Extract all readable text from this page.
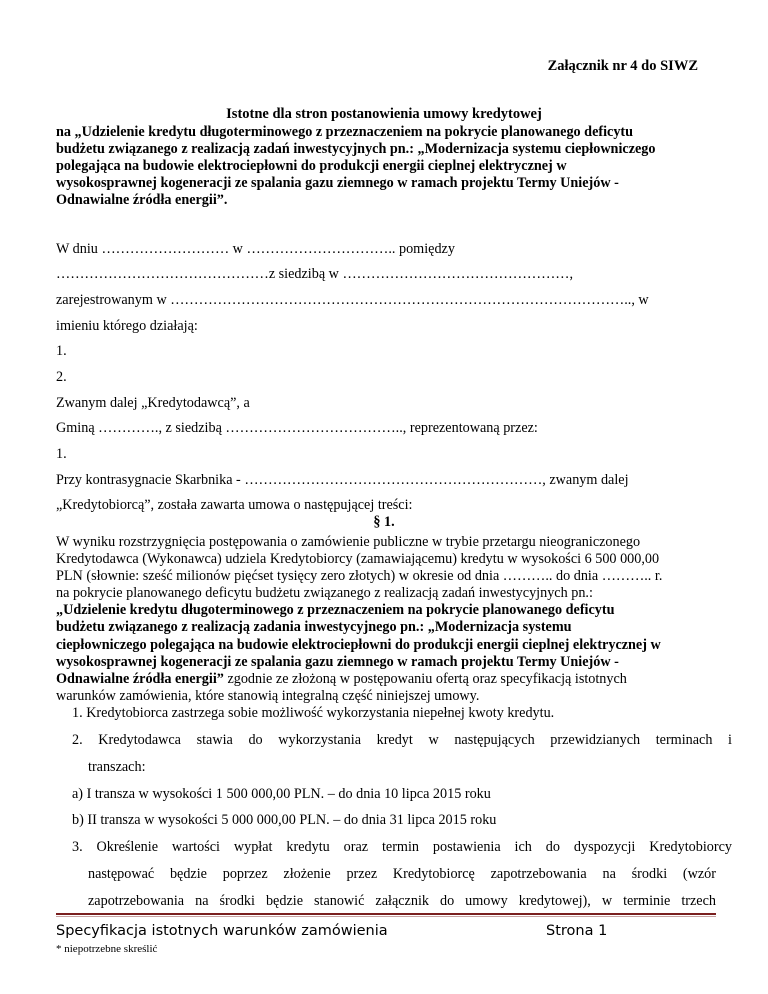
Załącznik nr 4 do SIWZ
Istotne dla stron postanowienia umowy kredytowej
na „Udzielenie kredytu długoterminowego z przeznaczeniem na pokrycie planowanego deficytu
budżetu związanego z realizacją zadań inwestycyjnych pn.: „Modernizacja systemu ciepłowniczego
polegająca na budowie elektrociepłowni do produkcji energii cieplnej elektrycznej w
wysokosprawnej kogeneracji ze spalania gazu ziemnego w ramach projektu Termy Uniejów -
Odnawialne źródła energii”.
W dniu ……………………… w ………………………….. pomiędzy
………………………………………z siedzibą w …………………………………………,
zarejestrowanym w …………………………………………………………………………………….., w
imieniu którego działają:
1.
2.
Zwanym dalej „Kredytodawcą”, a
Gminą …………., z siedzibą ……………………………….., reprezentowaną przez:
1.
Przy kontrasygnacie Skarbnika - ………………………………………………………, zwanym dalej
„Kredytobiorcą”, została zawarta umowa o następującej treści:
§ 1.
W wyniku rozstrzygnięcia postępowania o zamówienie publiczne w trybie przetargu nieograniczonego
Kredytodawca (Wykonawca) udziela Kredytobiorcy (zamawiającemu) kredytu w wysokości 6 500 000,00
PLN (słownie: sześć milionów pięćset tysięcy zero złotych) w okresie od dnia ……….. do dnia ……….. r.
na pokrycie planowanego deficytu budżetu związanego z realizacją zadań inwestycyjnych pn.:
„Udzielenie kredytu długoterminowego z przeznaczeniem na pokrycie planowanego deficytu
budżetu związanego z realizacją zadania inwestycyjnego pn.: „Modernizacja systemu
ciepłowniczego polegająca na budowie elektrociepłowni do produkcji energii cieplnej elektrycznej w
wysokosprawnej kogeneracji ze spalania gazu ziemnego w ramach projektu Termy Uniejów -
Odnawialne źródła energii” zgodnie ze złożoną w postępowaniu ofertą oraz specyfikacją istotnych
warunków zamówienia, które stanowią integralną część niniejszej umowy.
1. Kredytobiorca zastrzega sobie możliwość wykorzystania niepełnej kwoty kredytu.
2. Kredytodawca stawia do wykorzystania kredyt w następujących przewidzianych terminach i
transzach:
a) I transza w wysokości 1 500 000,00 PLN. – do dnia 10 lipca 2015 roku
b) II transza w wysokości 5 000 000,00 PLN. – do dnia 31 lipca 2015 roku
3. Określenie wartości wypłat kredytu oraz termin postawienia ich do dyspozycji Kredytobiorcy
następować będzie poprzez złożenie przez Kredytobiorcę zapotrzebowania na środki (wzór
zapotrzebowania na środki będzie stanowić załącznik do umowy kredytowej), w terminie trzech
Specyfikacja istotnych warunków zamówienia	Strona 1
* niepotrzebne skreślić
